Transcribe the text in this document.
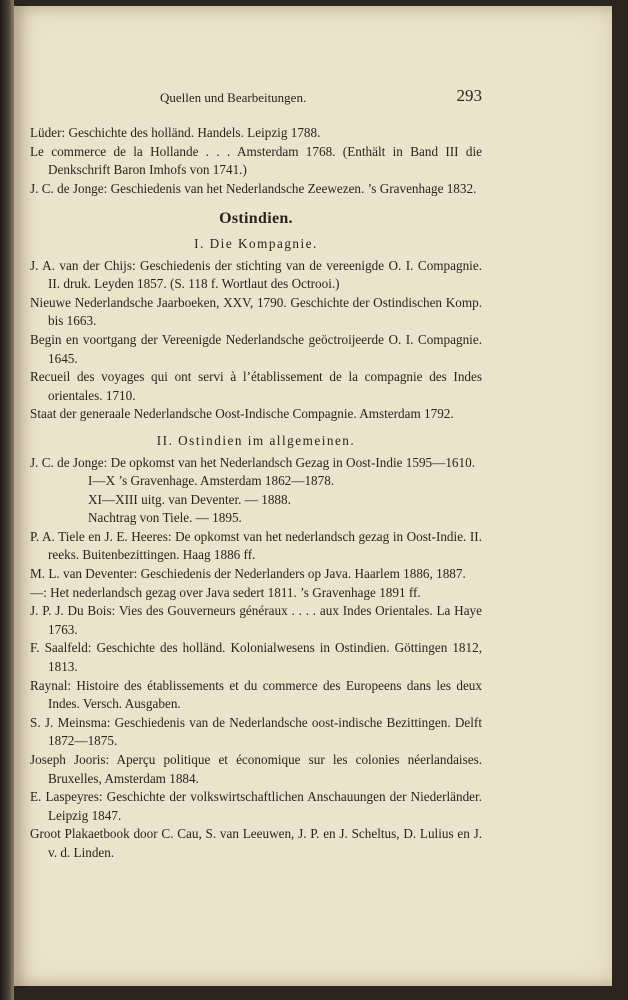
Quellen und Bearbeitungen.	293

Lüder: Geschichte des holländ. Handels. Leipzig 1788.

Le commerce de la Hollande . . . Amsterdam 1768. (Enthält in Band III die Denkschrift Baron Imhofs von 1741.)

J. C. de Jonge: Geschiedenis van het Nederlandsche Zeewezen. ’s Gravenhage 1832.

Ostindien.
I. Die Kompagnie.

J. A. van der Chijs: Geschiedenis der stichting van de vereenigde O. I. Compagnie. II. druk. Leyden 1857. (S. 118 f. Wortlaut des Octrooi.)

Nieuwe Nederlandsche Jaarboeken, XXV, 1790. Geschichte der Ostindischen Komp. bis 1663.

Begin en voortgang der Vereenigde Nederlandsche geöctroijeerde O. I. Compagnie. 1645.

Recueil des voyages qui ont servi à l’établissement de la compagnie des Indes orientales. 1710.

Staat der generaale Nederlandsche Oost-Indische Compagnie. Amsterdam 1792.

II. Ostindien im allgemeinen.

J. C. de Jonge: De opkomst van het Nederlandsch Gezag in Oost-Indie 1595—1610.

I—X ’s Gravenhage. Amsterdam 1862—1878.

XI—XIII uitg. van Deventer. — 1888.

Nachtrag von Tiele. — 1895.

P. A. Tiele en J. E. Heeres: De opkomst van het nederlandsch gezag in Oost-Indie. II. reeks. Buitenbezittingen. Haag 1886 ff.

M. L. van Deventer: Geschiedenis der Nederlanders op Java. Haarlem 1886, 1887.

—: Het nederlandsch gezag over Java sedert 1811. ’s Gravenhage 1891 ff.

J. P. J. Du Bois: Vies des Gouverneurs généraux . . . . aux Indes Orientales. La Haye 1763.

F. Saalfeld: Geschichte des holländ. Kolonialwesens in Ostindien. Göttingen 1812, 1813.

Raynal: Histoire des établissements et du commerce des Europeens dans les deux Indes. Versch. Ausgaben.

S. J. Meinsma: Geschiedenis van de Nederlandsche oost-indische Bezittingen. Delft 1872—1875.

Joseph Jooris: Aperçu politique et économique sur les colonies néerlandaises. Bruxelles, Amsterdam 1884.

E. Laspeyres: Geschichte der volkswirtschaftlichen Anschauungen der Niederländer. Leipzig 1847.

Groot Plakaetbook door C. Cau, S. van Leeuwen, J. P. en J. Scheltus, D. Lulius en J. v. d. Linden.
